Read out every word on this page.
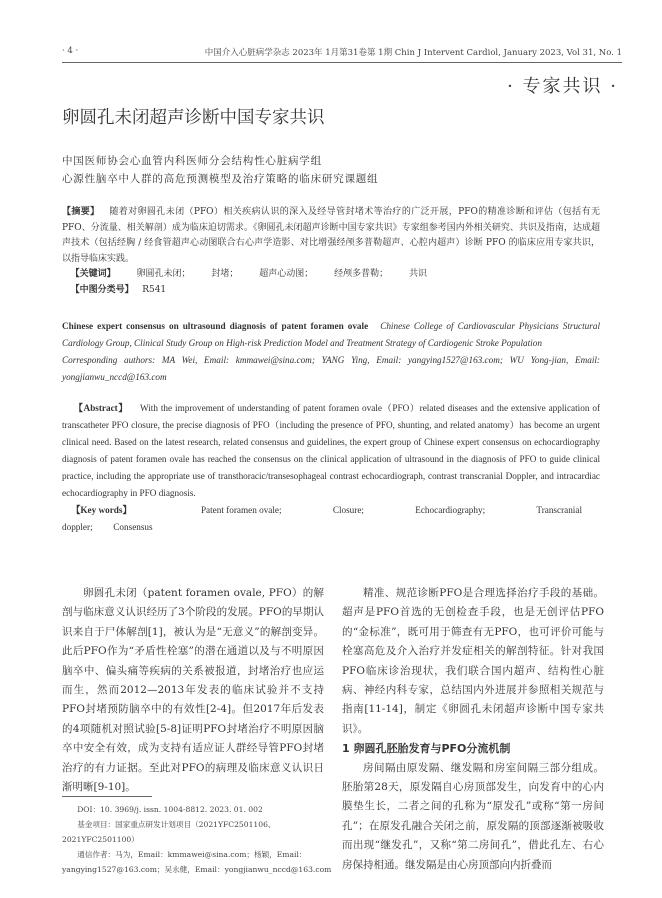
· 4 ·	中国介入心脏病学杂志 2023年 1月第31卷第 1期 Chin J Intervent Cardiol, January 2023, Vol 31, No. 1
· 专家共识 ·
卵圆孔未闭超声诊断中国专家共识
中国医师协会心血管内科医师分会结构性心脏病学组
心源性脑卒中人群的高危预测模型及治疗策略的临床研究课题组
【摘要】 随着对卵圆孔未闭（PFO）相关疾病认识的深入及经导管封堵术等治疗的广泛开展，PFO的精准诊断和评估（包括有无 PFO、分流量、相关解剖）成为临床迫切需求。《卵圆孔未闭超声诊断中国专家共识》专家组参考国内外相关研究、共识及指南，达成超声技术（包括经胸 / 经食管超声心动图联合右心声学造影、对比增强经颅多普勒超声、心腔内超声）诊断 PFO 的临床应用专家共识，以指导临床实践。
【关键词】 卵圆孔未闭； 封堵； 超声心动图； 经颅多普勒； 共识
【中图分类号】 R541
Chinese expert consensus on ultrasound diagnosis of patent foramen ovale Chinese College of Cardiovascular Physicians Structural Cardiology Group, Clinical Study Group on High-risk Prediction Model and Treatment Strategy of Cardiogenic Stroke Population
Corresponding authors: MA Wei, Email: kmmawei@sina.com; YANG Ying, Email: yangying1527@163.com; WU Yong-jian, Email: yongjianwu_nccd@163.com

【Abstract】 With the improvement of understanding of patent foramen ovale（PFO）related diseases and the extensive application of transcatheter PFO closure, the precise diagnosis of PFO（including the presence of PFO, shunting, and related anatomy）has become an urgent clinical need. Based on the latest research, related consensus and guidelines, the expert group of Chinese expert consensus on echocardiography diagnosis of patent foramen ovale has reached the consensus on the clinical application of ultrasound in the diagnosis of PFO to guide clinical practice, including the appropriate use of transthoracic/transesophageal contrast echocardiograph, contrast transcranial Doppler, and intracardiac echocardiography in PFO diagnosis.

【Key words】	Patent foramen ovale;	Closure;	Echocardiography;	Transcranial
doppler; Consensus

卵圆孔未闭（patent foramen ovale, PFO）的解剖与临床意义认识经历了3个阶段的发展。PFO的早期认识来自于尸体解剖[1]，被认为是“无意义”的解剖变异。此后PFO作为“矛盾性栓塞”的潜在通道以及与不明原因脑卒中、偏头痛等疾病的关系被报道，封堵治疗也应运而生，然而2012—2013年发表的临床试验并不支持PFO封堵预防脑卒中的有效性[2-4]。但2017年后发表的4项随机对照试验[5-8]证明PFO封堵治疗不明原因脑卒中安全有效，成为支持有适应证人群经导管PFO封堵治疗的有力证据。至此对PFO的病理及临床意义认识日渐明晰[9-10]。

精准、规范诊断PFO是合理选择治疗手段的基础。超声是PFO首选的无创检查手段，也是无创评估PFO的“金标准”，既可用于筛查有无PFO，也可评价可能与栓塞高危及介入治疗并发症相关的解剖特征。针对我国PFO临床诊治现状，我们联合国内超声、结构性心脏病、神经内科专家，总结国内外进展并参照相关规范与指南[11-14]，制定《卵圆孔未闭超声诊断中国专家共识》。

1 卵圆孔胚胎发育与PFO分流机制

房间隔由原发隔、继发隔和房室间隔三部分组成。胚胎第28天，原发隔自心房顶部发生，向发育中的心内膜垫生长，二者之间的孔称为“原发孔”或称“第一房间孔”；在原发孔融合关闭之前，原发隔的顶部逐渐被吸收而出现“继发孔”，又称“第二房间孔”，借此孔左、右心房保持相通。继发隔是由心房顶部向内折叠而

DOI：10. 3969/j. issn. 1004-8812. 2023. 01. 002
基金项目：国家重点研发计划项目（2021YFC2501106、2021YFC2501100）
通信作者：马为，Email：kmmawei@sina.com；杨颖，Email：yangying1527@163.com；吴永健，Email：yongjianwu_nccd@163.com
